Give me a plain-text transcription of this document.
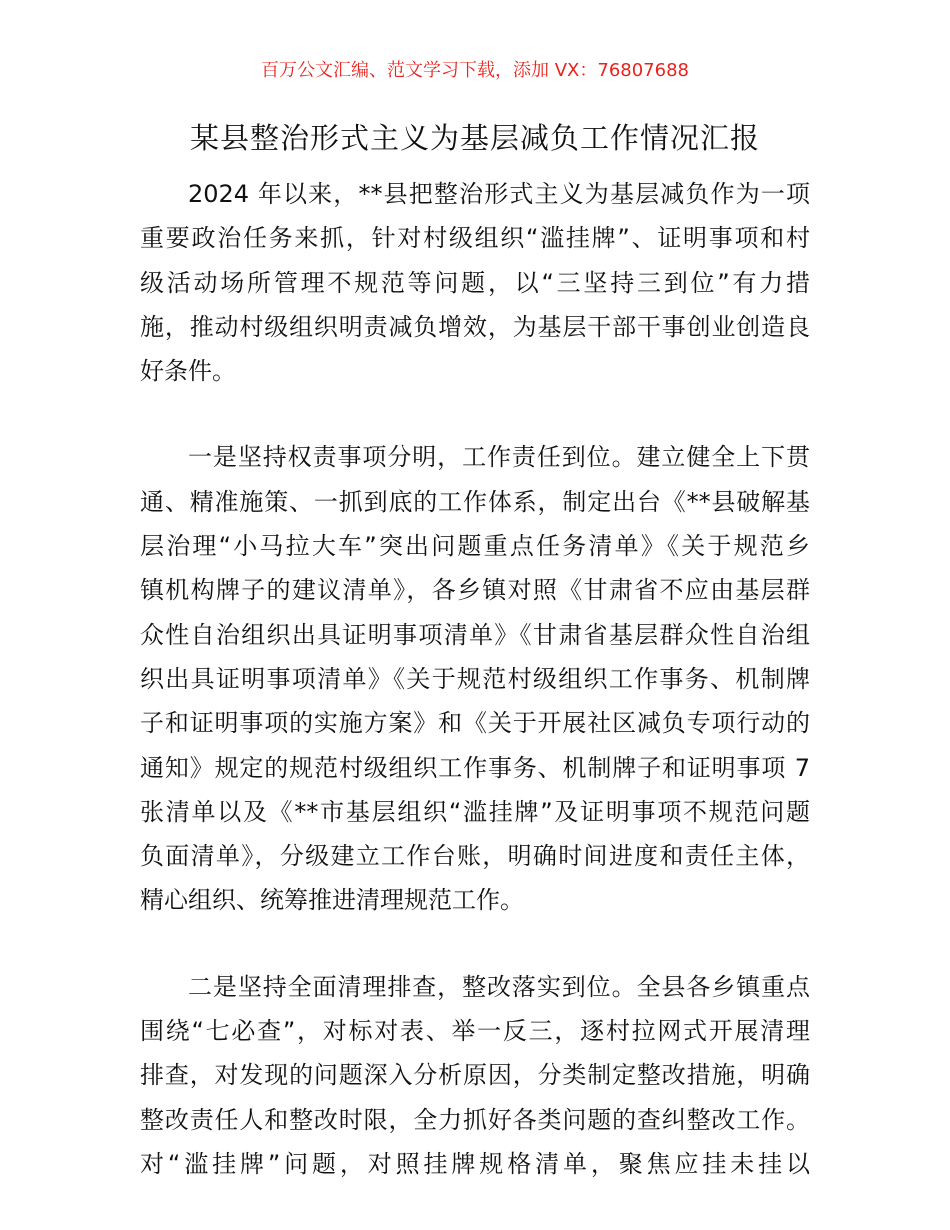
百万公文汇编、范文学习下载，添加 VX：76807688
某县整治形式主义为基层减负工作情况汇报
2024 年以来，**县把整治形式主义为基层减负作为一项
重要政治任务来抓，针对村级组织“滥挂牌”、证明事项和村
级活动场所管理不规范等问题，以“三坚持三到位”有力措
施，推动村级组织明责减负增效，为基层干部干事创业创造良
好条件。
一是坚持权责事项分明，工作责任到位。建立健全上下贯
通、精准施策、一抓到底的工作体系，制定出台《**县破解基
层治理“小马拉大车”突出问题重点任务清单》《关于规范乡
镇机构牌子的建议清单》，各乡镇对照《甘肃省不应由基层群
众性自治组织出具证明事项清单》《甘肃省基层群众性自治组
织出具证明事项清单》《关于规范村级组织工作事务、机制牌
子和证明事项的实施方案》和《关于开展社区减负专项行动的
通知》规定的规范村级组织工作事务、机制牌子和证明事项 7
张清单以及《**市基层组织“滥挂牌”及证明事项不规范问题
负面清单》，分级建立工作台账，明确时间进度和责任主体，
精心组织、统筹推进清理规范工作。
二是坚持全面清理排查，整改落实到位。全县各乡镇重点
围绕“七必查”，对标对表、举一反三，逐村拉网式开展清理
排查，对发现的问题深入分析原因，分类制定整改措施，明确
整改责任人和整改时限，全力抓好各类问题的查纠整改工作。
对“滥挂牌”问题，对照挂牌规格清单，聚焦应挂未挂以
